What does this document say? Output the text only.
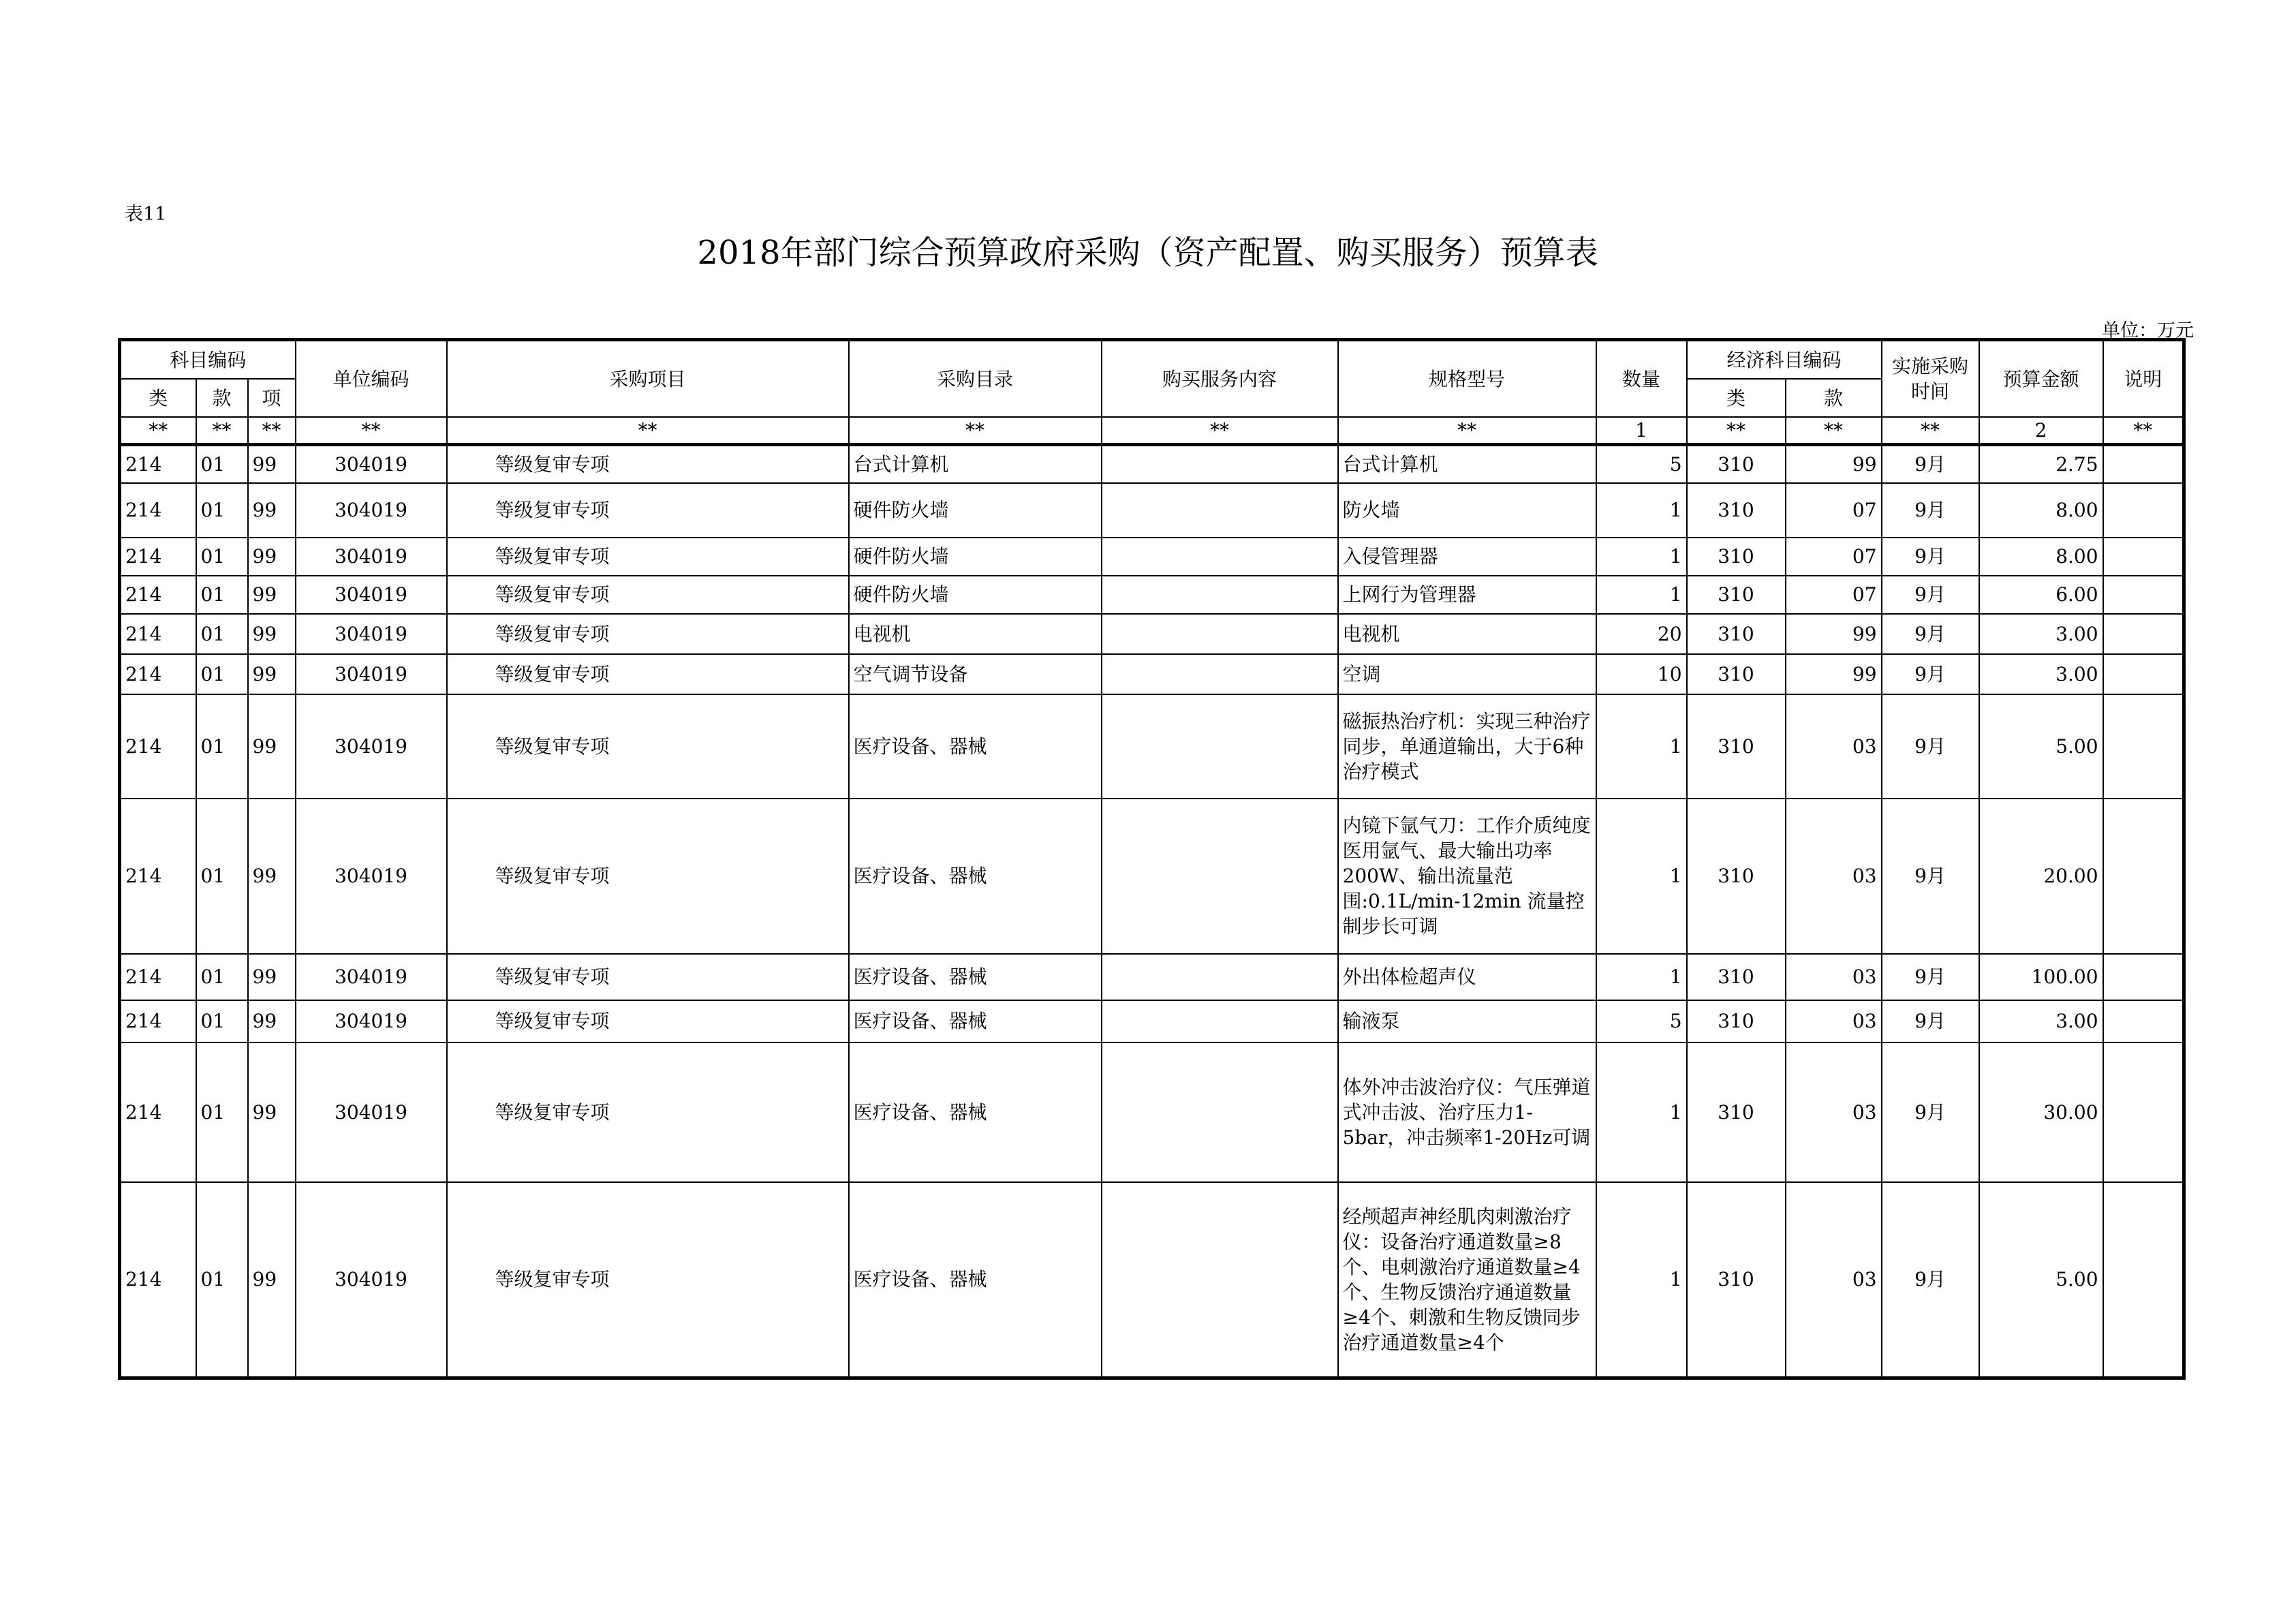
表11
2018年部门综合预算政府采购（资产配置、购买服务）预算表
单位：万元
科目编码			单位编码	采购项目	采购目录	购买服务内容	规格型号	数量	经济科目编码		实施采购
时间	预算金额	说明
类	款	项							类	款			
**	**	**	**	**	**	**	**	1	**	**	**	2	**
214	01	99	304019	等级复审专项	台式计算机		台式计算机	5	310	99	9月	2.75	
214	01	99	304019	等级复审专项	硬件防火墙		防火墙	1	310	07	9月	8.00	
214	01	99	304019	等级复审专项	硬件防火墙		入侵管理器	1	310	07	9月	8.00	
214	01	99	304019	等级复审专项	硬件防火墙		上网行为管理器	1	310	07	9月	6.00	
214	01	99	304019	等级复审专项	电视机		电视机	20	310	99	9月	3.00	
214	01	99	304019	等级复审专项	空气调节设备		空调	10	310	99	9月	3.00	
214	01	99	304019	等级复审专项	医疗设备、器械		磁振热治疗机：实现三种治疗同步，单通道输出，大于6种治疗模式	1	310	03	9月	5.00	
214	01	99	304019	等级复审专项	医疗设备、器械		内镜下氩气刀：工作介质纯度医用氩气、最大输出功率200W、输出流量范围:0.1L/min-12min 流量控制步长可调	1	310	03	9月	20.00	
214	01	99	304019	等级复审专项	医疗设备、器械		外出体检超声仪	1	310	03	9月	100.00	
214	01	99	304019	等级复审专项	医疗设备、器械		输液泵	5	310	03	9月	3.00	
214	01	99	304019	等级复审专项	医疗设备、器械		体外冲击波治疗仪：气压弹道式冲击波、治疗压力1-5bar，冲击频率1-20Hz可调	1	310	03	9月	30.00	
214	01	99	304019	等级复审专项	医疗设备、器械		经颅超声神经肌肉刺激治疗仪：设备治疗通道数量≥8个、电刺激治疗通道数量≥4个、生物反馈治疗通道数量≥4个、刺激和生物反馈同步治疗通道数量≥4个	1	310	03	9月	5.00	
